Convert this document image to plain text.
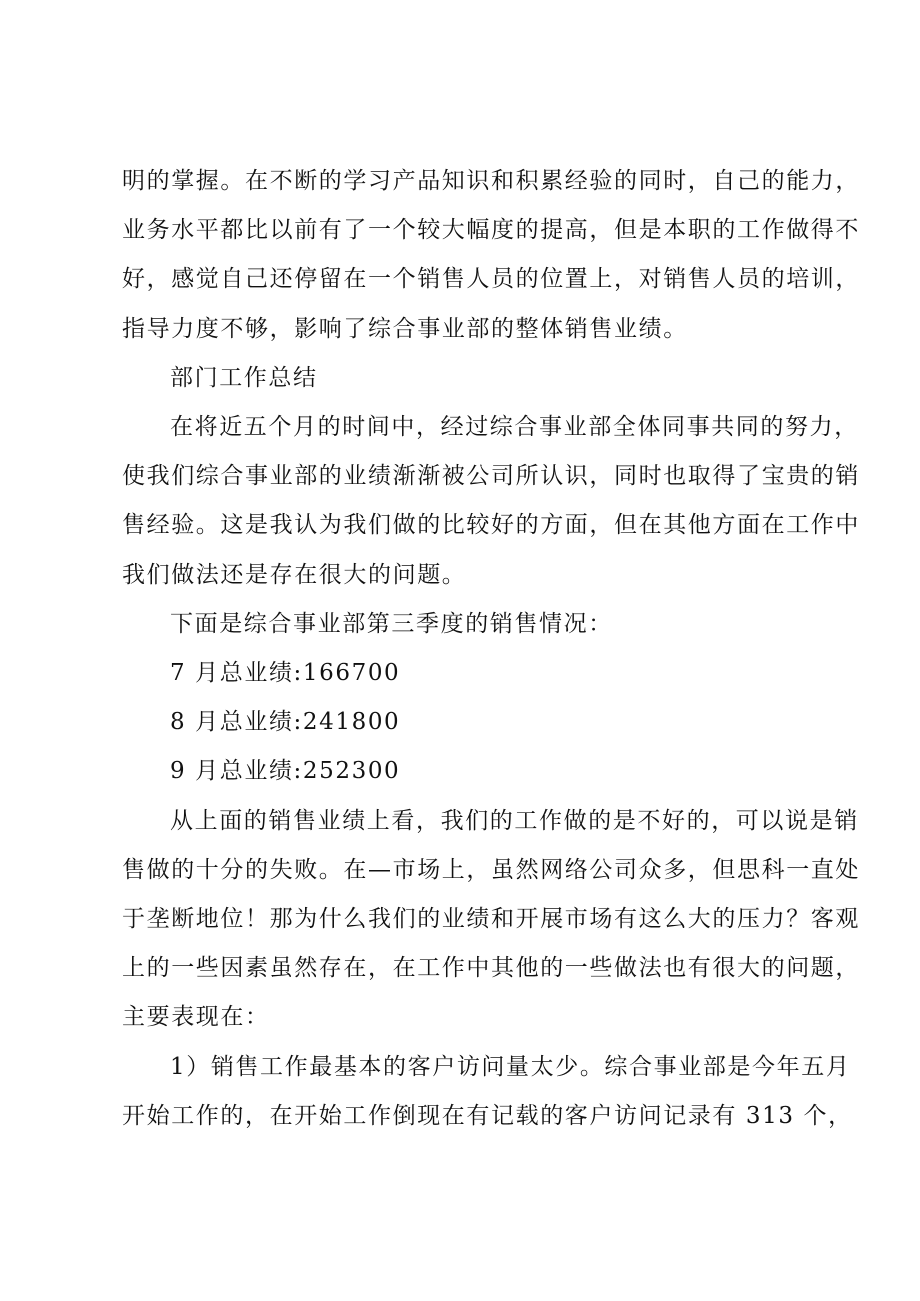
明的掌握。在不断的学习产品知识和积累经验的同时，自己的能力，
业务水平都比以前有了一个较大幅度的提高，但是本职的工作做得不
好，感觉自己还停留在一个销售人员的位置上，对销售人员的培训，
指导力度不够，影响了综合事业部的整体销售业绩。

部门工作总结

在将近五个月的时间中，经过综合事业部全体同事共同的努力，
使我们综合事业部的业绩渐渐被公司所认识，同时也取得了宝贵的销
售经验。这是我认为我们做的比较好的方面，但在其他方面在工作中
我们做法还是存在很大的问题。

下面是综合事业部第三季度的销售情况：

7 月总业绩:166700

8 月总业绩:241800

9 月总业绩:252300

从上面的销售业绩上看，我们的工作做的是不好的，可以说是销
售做的十分的失败。在—市场上，虽然网络公司众多，但思科一直处
于垄断地位！那为什么我们的业绩和开展市场有这么大的压力？客观
上的一些因素虽然存在，在工作中其他的一些做法也有很大的问题，
主要表现在：

1）销售工作最基本的客户访问量太少。综合事业部是今年五月
开始工作的，在开始工作倒现在有记载的客户访问记录有 313 个，
